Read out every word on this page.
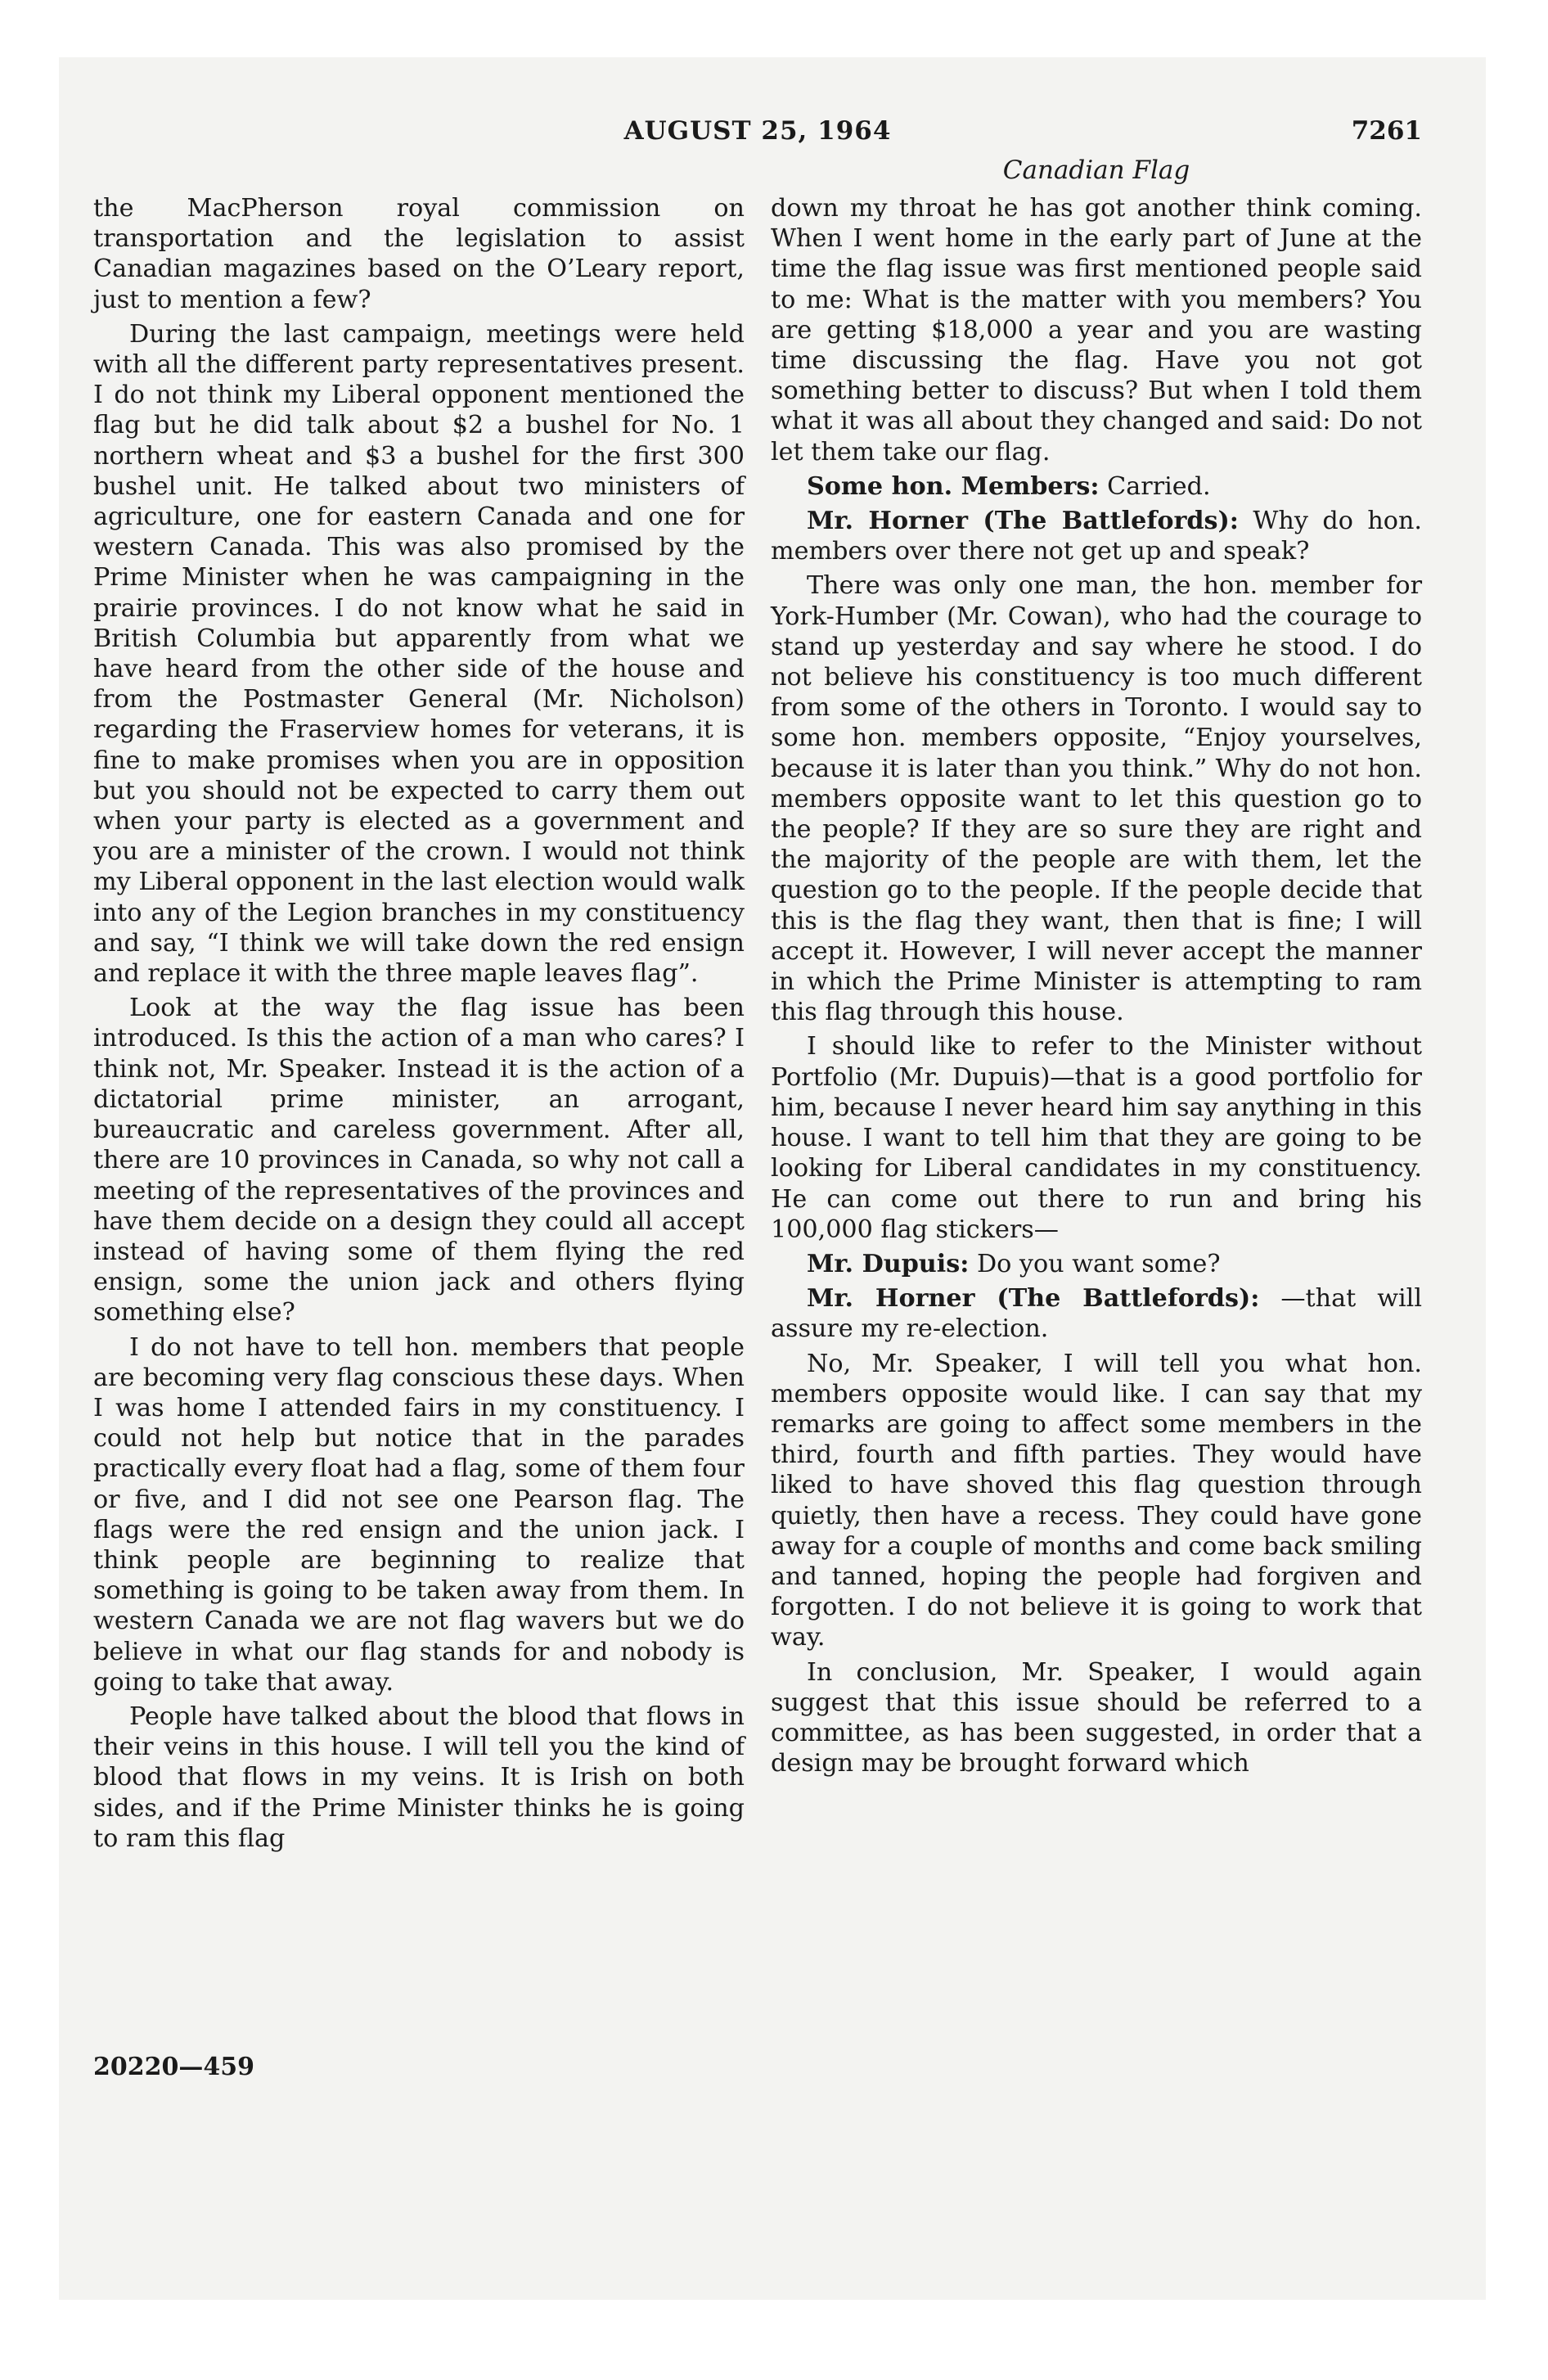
AUGUST 25, 1964	7261
Canadian Flag

the MacPherson royal commission on transportation and the legislation to assist Canadian magazines based on the O’Leary report, just to mention a few?

During the last campaign, meetings were held with all the different party representatives present. I do not think my Liberal opponent mentioned the flag but he did talk about $2 a bushel for No. 1 northern wheat and $3 a bushel for the first 300 bushel unit. He talked about two ministers of agriculture, one for eastern Canada and one for western Canada. This was also promised by the Prime Minister when he was campaigning in the prairie provinces. I do not know what he said in British Columbia but apparently from what we have heard from the other side of the house and from the Postmaster General (Mr. Nicholson) regarding the Fraserview homes for veterans, it is fine to make promises when you are in opposition but you should not be expected to carry them out when your party is elected as a government and you are a minister of the crown. I would not think my Liberal opponent in the last election would walk into any of the Legion branches in my constituency and say, “I think we will take down the red ensign and replace it with the three maple leaves flag”.

Look at the way the flag issue has been introduced. Is this the action of a man who cares? I think not, Mr. Speaker. Instead it is the action of a dictatorial prime minister, an arrogant, bureaucratic and careless government. After all, there are 10 provinces in Canada, so why not call a meeting of the representatives of the provinces and have them decide on a design they could all accept instead of having some of them flying the red ensign, some the union jack and others flying something else?

I do not have to tell hon. members that people are becoming very flag conscious these days. When I was home I attended fairs in my constituency. I could not help but notice that in the parades practically every float had a flag, some of them four or five, and I did not see one Pearson flag. The flags were the red ensign and the union jack. I think people are beginning to realize that something is going to be taken away from them. In western Canada we are not flag wavers but we do believe in what our flag stands for and nobody is going to take that away.

People have talked about the blood that flows in their veins in this house. I will tell you the kind of blood that flows in my veins. It is Irish on both sides, and if the Prime Minister thinks he is going to ram this flag

down my throat he has got another think coming. When I went home in the early part of June at the time the flag issue was first mentioned people said to me: What is the matter with you members? You are getting $18,000 a year and you are wasting time discussing the flag. Have you not got something better to discuss? But when I told them what it was all about they changed and said: Do not let them take our flag.

Some hon. Members: Carried.

Mr. Horner (The Battlefords): Why do hon. members over there not get up and speak?

There was only one man, the hon. member for York-Humber (Mr. Cowan), who had the courage to stand up yesterday and say where he stood. I do not believe his constituency is too much different from some of the others in Toronto. I would say to some hon. members opposite, “Enjoy yourselves, because it is later than you think.” Why do not hon. members opposite want to let this question go to the people? If they are so sure they are right and the majority of the people are with them, let the question go to the people. If the people decide that this is the flag they want, then that is fine; I will accept it. However, I will never accept the manner in which the Prime Minister is attempting to ram this flag through this house.

I should like to refer to the Minister without Portfolio (Mr. Dupuis)—that is a good portfolio for him, because I never heard him say anything in this house. I want to tell him that they are going to be looking for Liberal candidates in my constituency. He can come out there to run and bring his 100,000 flag stickers—

Mr. Dupuis: Do you want some?

Mr. Horner (The Battlefords): —that will assure my re-election.

No, Mr. Speaker, I will tell you what hon. members opposite would like. I can say that my remarks are going to affect some members in the third, fourth and fifth parties. They would have liked to have shoved this flag question through quietly, then have a recess. They could have gone away for a couple of months and come back smiling and tanned, hoping the people had forgiven and forgotten. I do not believe it is going to work that way.

In conclusion, Mr. Speaker, I would again suggest that this issue should be referred to a committee, as has been suggested, in order that a design may be brought forward which

20220—459
